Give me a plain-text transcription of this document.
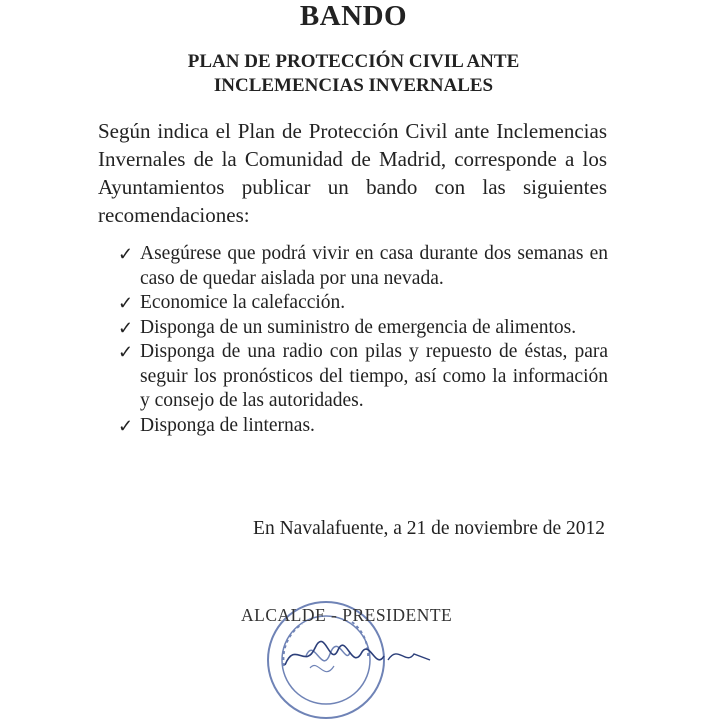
BANDO
PLAN DE PROTECCIÓN CIVIL ANTE
INCLEMENCIAS INVERNALES
Según indica el Plan de Protección Civil ante Inclemencias Invernales de la Comunidad de Madrid, corresponde a los Ayuntamientos publicar un bando con las siguientes recomendaciones:
✓ Asegúrese que podrá vivir en casa durante dos semanas en caso de quedar aislada por una nevada.
✓ Economice la calefacción.
✓ Disponga de un suministro de emergencia de alimentos.
✓ Disponga de una radio con pilas y repuesto de éstas, para seguir los pronósticos del tiempo, así como la información y consejo de las autoridades.
✓ Disponga de linternas.
En Navalafuente, a 21 de noviembre de 2012
ALCALDE - PRESIDENTE
